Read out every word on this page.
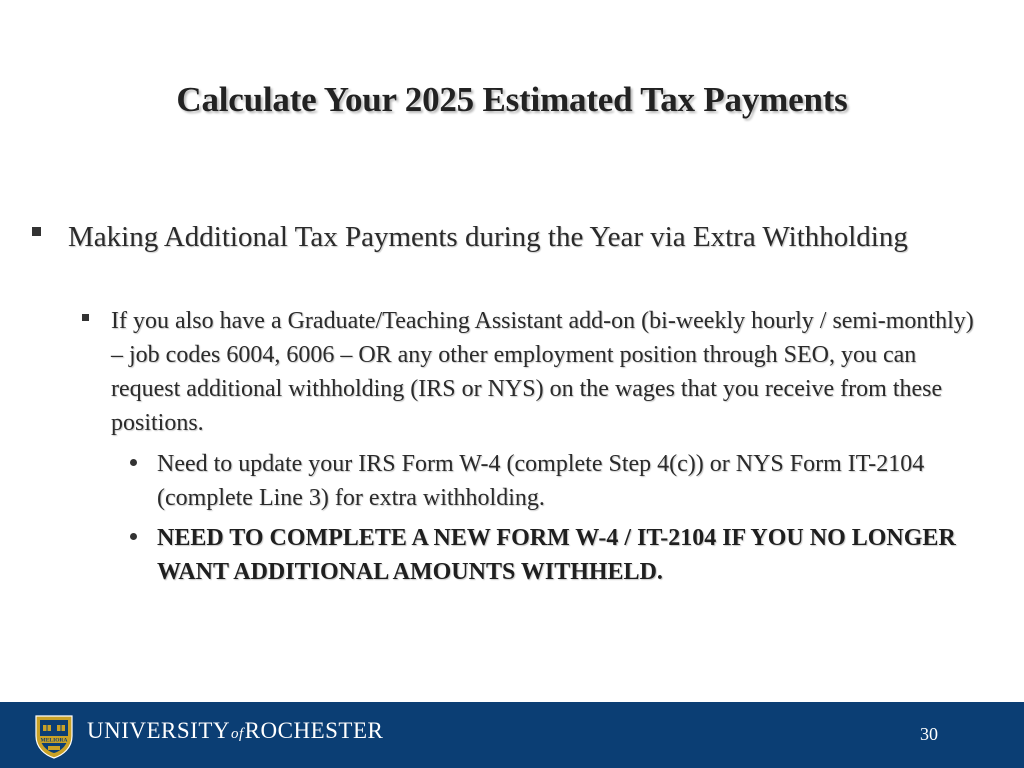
Calculate Your 2025 Estimated Tax Payments
Making Additional Tax Payments during the Year via Extra Withholding
If you also have a Graduate/Teaching Assistant add-on (bi-weekly hourly / semi-monthly) – job codes 6004, 6006 – OR any other employment position through SEO, you can request additional withholding (IRS or NYS) on the wages that you receive from these positions.
Need to update your IRS Form W-4 (complete Step 4(c)) or NYS Form IT-2104 (complete Line 3) for extra withholding.
NEED TO COMPLETE A NEW FORM W-4 / IT-2104 IF YOU NO LONGER WANT ADDITIONAL AMOUNTS WITHHELD.
MELIORA UNIVERSITYofROCHESTER	30
